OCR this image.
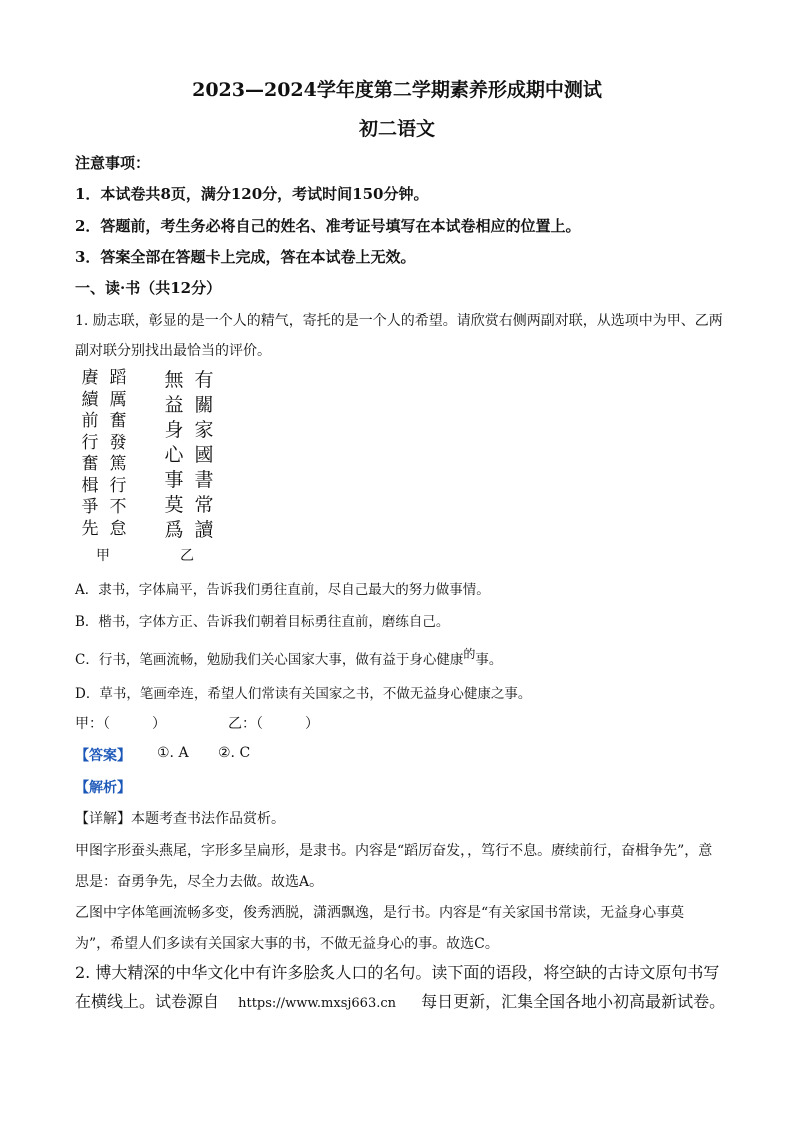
2023—2024学年度第二学期素养形成期中测试
初二语文
注意事项：
1．本试卷共8页，满分120分，考试时间150分钟。
2．答题前，考生务必将自己的姓名、准考证号填写在本试卷相应的位置上。
3．答案全部在答题卡上完成，答在本试卷上无效。
一、读·书（共12分）
1. 励志联，彰显的是一个人的精气，寄托的是一个人的希望。请欣赏右侧两副对联，从选项中为甲、乙两
副对联分别找出最恰当的评价。
賡
續
前
行
奮
楫
爭
先
蹈
厲
奮
發
篤
行
不
怠
甲
無
益
身
心
事
莫
爲
有
關
家
國
書
常
讀
乙
A．隶书，字体扁平，告诉我们勇往直前，尽自己最大的努力做事情。
B．楷书，字体方正、告诉我们朝着目标勇往直前，磨练自己。
C．行书，笔画流畅，勉励我们关心国家大事，做有益于身心健康的事。
D．草书，笔画牵连，希望人们常读有关国家之书，不做无益身心健康之事。
甲：（　　　）	乙：（　　　）
【答案】 ①. A ②. C
【解析】
【详解】本题考查书法作品赏析。
甲图字形蚕头燕尾，字形多呈扁形，是隶书。内容是“蹈厉奋发，，笃行不息。赓续前行，奋楫争先”，意
思是：奋勇争先，尽全力去做。故选A。
乙图中字体笔画流畅多变，俊秀洒脱，潇洒飘逸，是行书。内容是“有关家国书常读，无益身心事莫
为”，希望人们多读有关国家大事的书，不做无益身心的事。故选C。
2. 博大精深的中华文化中有许多脍炙人口的名句。读下面的语段，将空缺的古诗文原句书写
在横线上。试卷源自 https://www.mxsj663.cn 每日更新，汇集全国各地小初高最新试卷。
